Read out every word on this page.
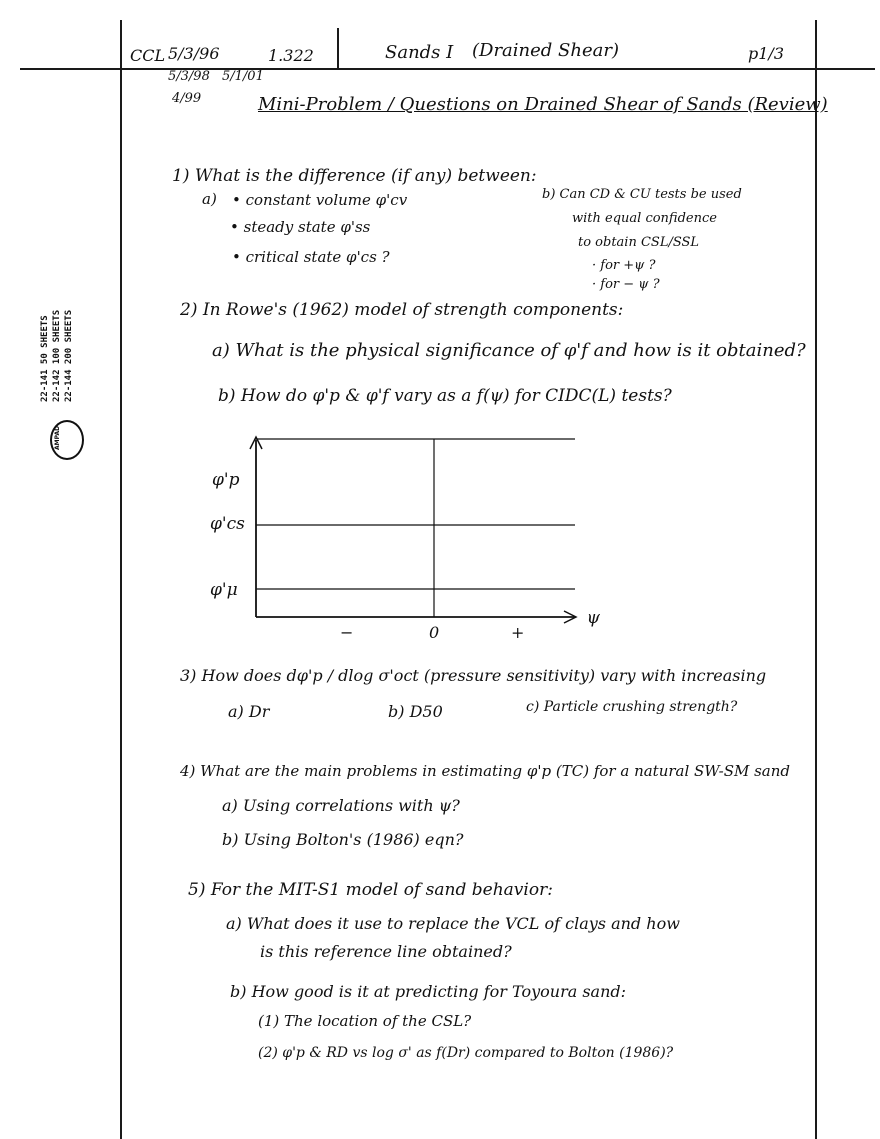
CCL 5/3/96	1.322	Sands I (Drained Shear)	p1/3
5/3/98 5/1/01
4/99	Mini-Problem / Questions on Drained Shear of Sands (Review)
1) What is the difference (if any) between:
a) • constant volume φ'cv
• steady state φ'ss
• critical state φ'cs ?
b) Can CD & CU tests be used
with equal confidence
to obtain CSL/SSL
· for +ψ ?
· for − ψ ?
2) In Rowe's (1962) model of strength components:
a) What is the physical significance of φ'f and how is it obtained?
b) How do φ'p & φ'f vary as a f(ψ) for CIDC(L) tests?
φ'p
φ'cs
φ'μ
ψ
−	0	+
3) How does dφ'p / dlog σ'oct (pressure sensitivity) vary with increasing
a) Dr	b) D50	c) Particle crushing strength?
4) What are the main problems in estimating φ'p (TC) for a natural SW-SM sand
a) Using correlations with ψ?
b) Using Bolton's (1986) eqn?
5) For the MIT-S1 model of sand behavior:
a) What does it use to replace the VCL of clays and how
is this reference line obtained?
b) How good is it at predicting for Toyoura sand:
(1) The location of the CSL?
(2) φ'p & RD vs log σ' as f(Dr) compared to Bolton (1986)?
22-141 50 SHEETS 22-142 100 SHEETS 22-144 200 SHEETS
AMPAD
